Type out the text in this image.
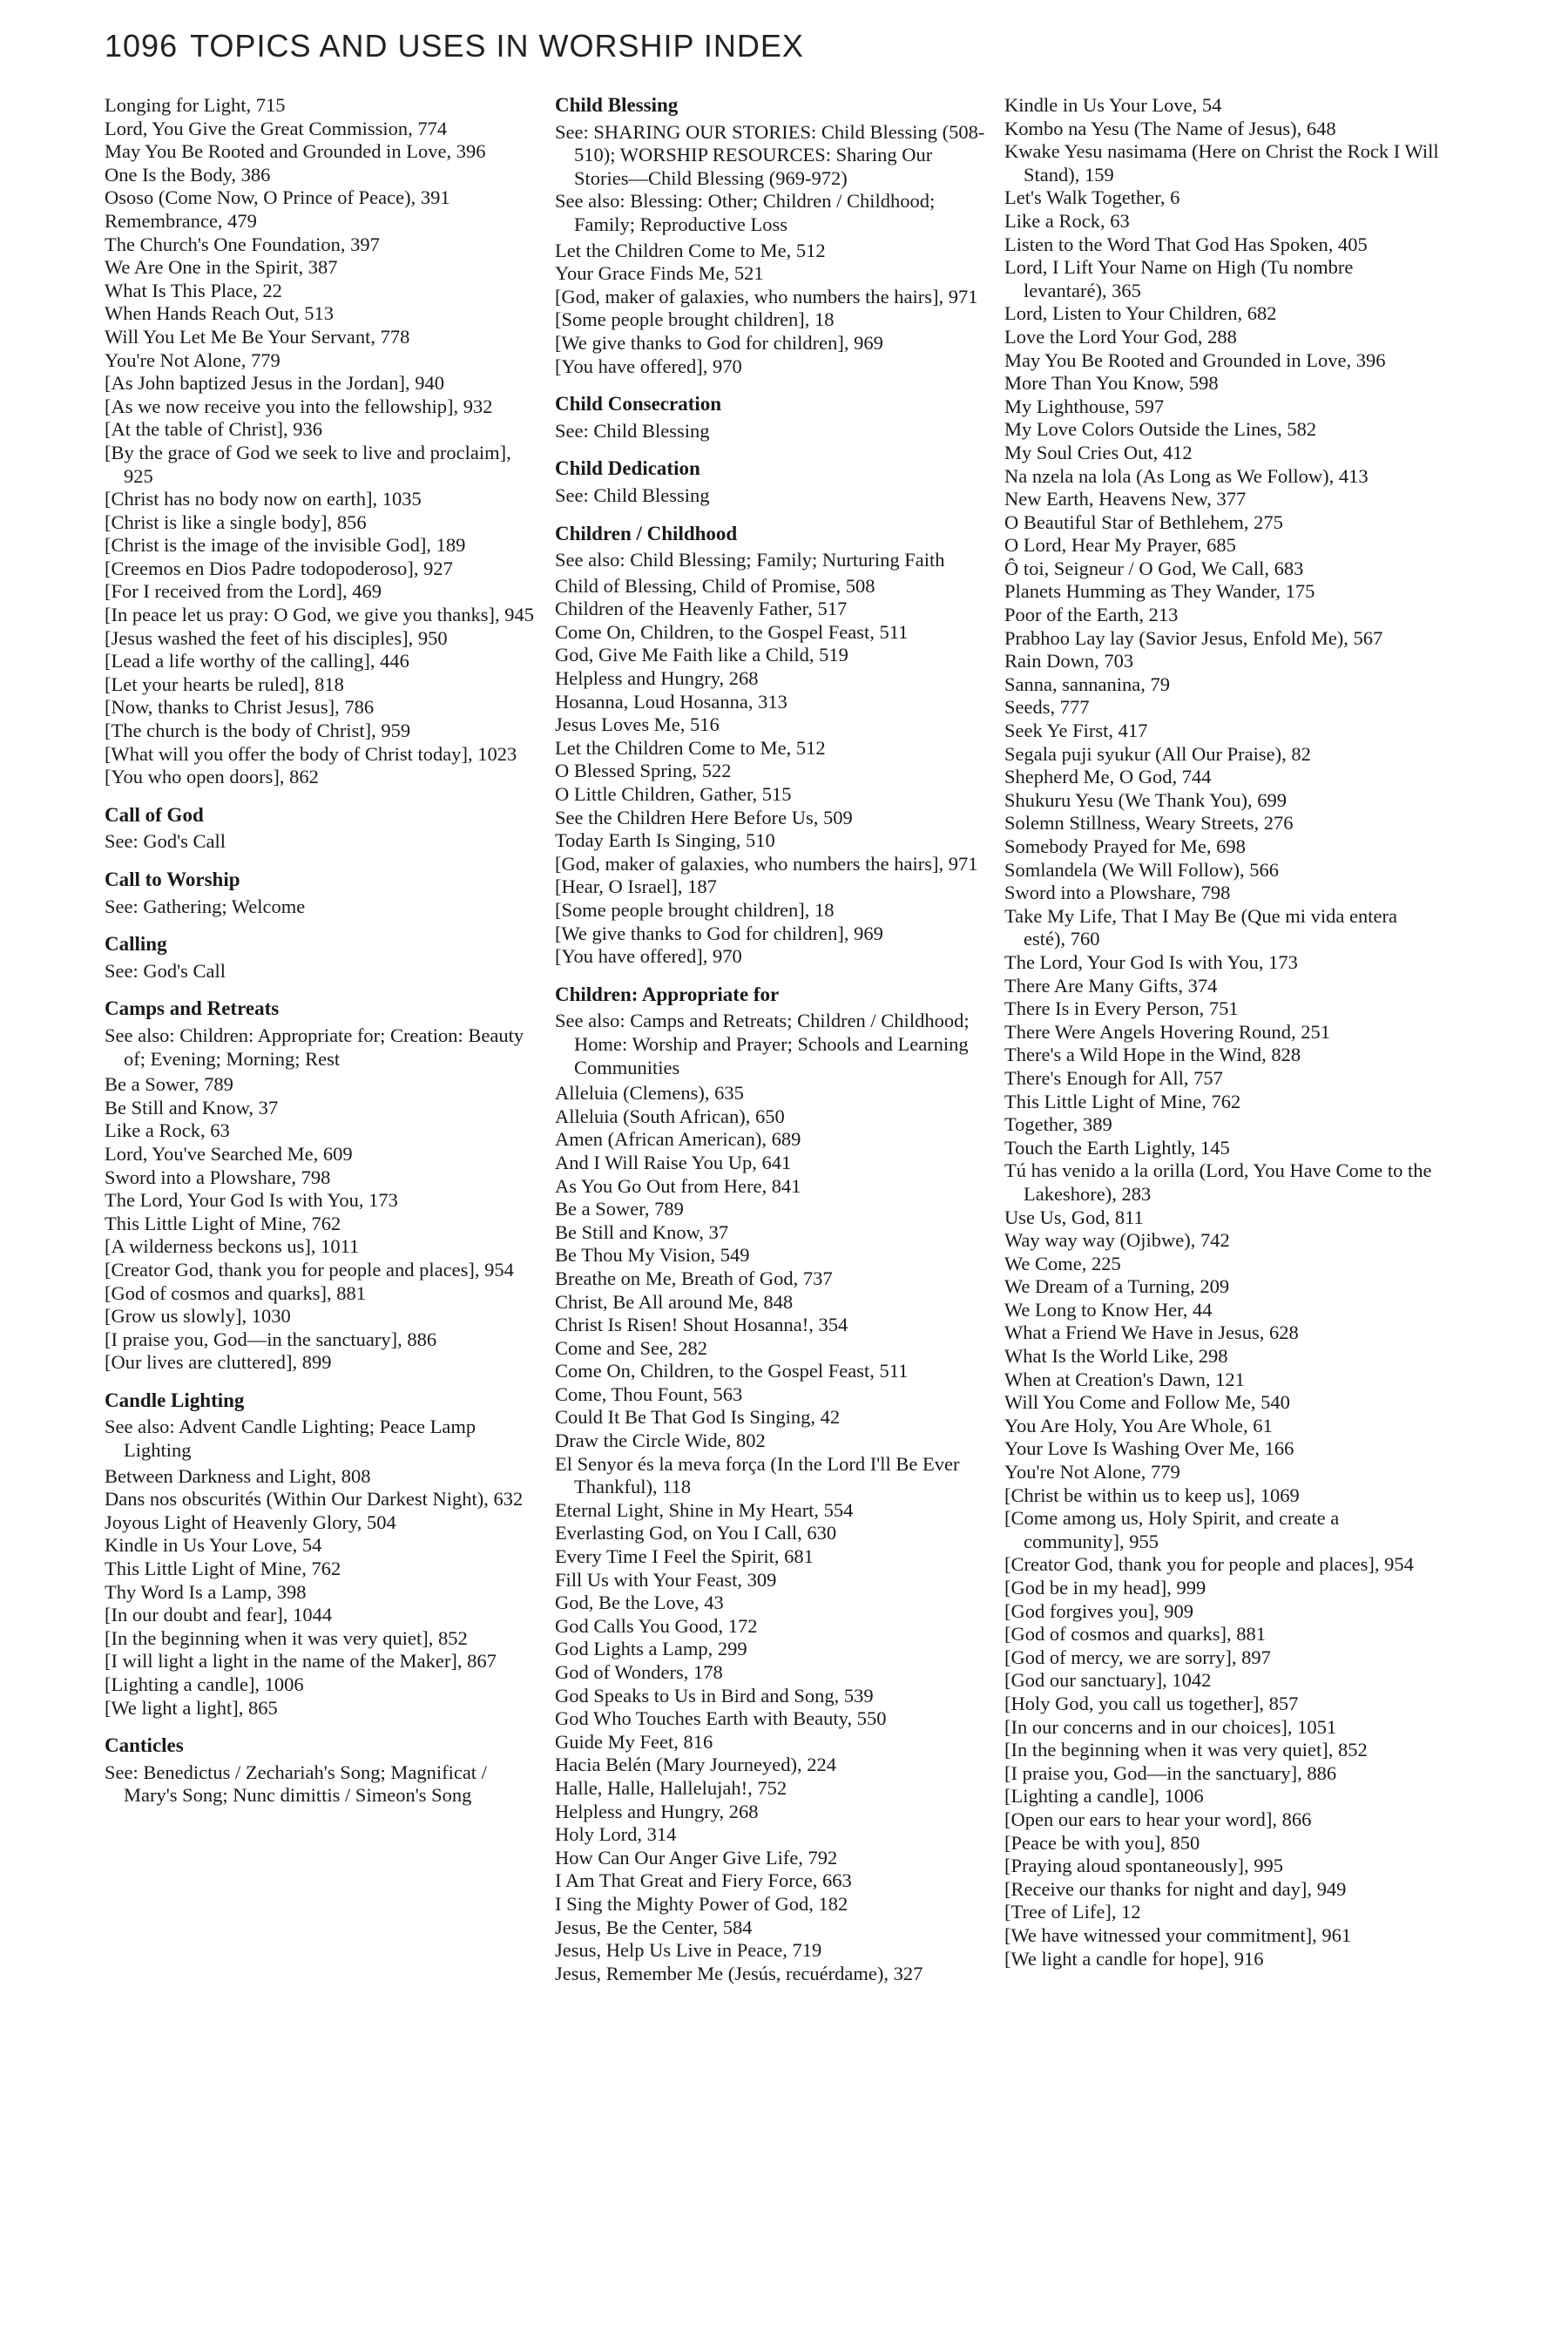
1096 TOPICS AND USES IN WORSHIP INDEX
Longing for Light, 715
Lord, You Give the Great Commission, 774
May You Be Rooted and Grounded in Love, 396
One Is the Body, 386
Ososo (Come Now, O Prince of Peace), 391
Remembrance, 479
The Church's One Foundation, 397
We Are One in the Spirit, 387
What Is This Place, 22
When Hands Reach Out, 513
Will You Let Me Be Your Servant, 778
You're Not Alone, 779
[As John baptized Jesus in the Jordan], 940
[As we now receive you into the fellowship], 932
[At the table of Christ], 936
[By the grace of God we seek to live and proclaim], 925
[Christ has no body now on earth], 1035
[Christ is like a single body], 856
[Christ is the image of the invisible God], 189
[Creemos en Dios Padre todopoderoso], 927
[For I received from the Lord], 469
[In peace let us pray: O God, we give you thanks], 945
[Jesus washed the feet of his disciples], 950
[Lead a life worthy of the calling], 446
[Let your hearts be ruled], 818
[Now, thanks to Christ Jesus], 786
[The church is the body of Christ], 959
[What will you offer the body of Christ today], 1023
[You who open doors], 862
Call of God
See: God's Call
Call to Worship
See: Gathering; Welcome
Calling
See: God's Call
Camps and Retreats
See also: Children: Appropriate for; Creation: Beauty of; Evening; Morning; Rest
Be a Sower, 789
Be Still and Know, 37
Like a Rock, 63
Lord, You've Searched Me, 609
Sword into a Plowshare, 798
The Lord, Your God Is with You, 173
This Little Light of Mine, 762
[A wilderness beckons us], 1011
[Creator God, thank you for people and places], 954
[God of cosmos and quarks], 881
[Grow us slowly], 1030
[I praise you, God—in the sanctuary], 886
[Our lives are cluttered], 899
Candle Lighting
See also: Advent Candle Lighting; Peace Lamp Lighting
Between Darkness and Light, 808
Dans nos obscurités (Within Our Darkest Night), 632
Joyous Light of Heavenly Glory, 504
Kindle in Us Your Love, 54
This Little Light of Mine, 762
Thy Word Is a Lamp, 398
[In our doubt and fear], 1044
[In the beginning when it was very quiet], 852
[I will light a light in the name of the Maker], 867
[Lighting a candle], 1006
[We light a light], 865
Canticles
See: Benedictus / Zechariah's Song; Magnificat / Mary's Song; Nunc dimittis / Simeon's Song
Child Blessing
See: SHARING OUR STORIES: Child Blessing (508-510); WORSHIP RESOURCES: Sharing Our Stories—Child Blessing (969-972)
See also: Blessing: Other; Children / Childhood; Family; Reproductive Loss
Let the Children Come to Me, 512
Your Grace Finds Me, 521
[God, maker of galaxies, who numbers the hairs], 971
[Some people brought children], 18
[We give thanks to God for children], 969
[You have offered], 970
Child Consecration
See: Child Blessing
Child Dedication
See: Child Blessing
Children / Childhood
See also: Child Blessing; Family; Nurturing Faith
Child of Blessing, Child of Promise, 508
Children of the Heavenly Father, 517
Come On, Children, to the Gospel Feast, 511
God, Give Me Faith like a Child, 519
Helpless and Hungry, 268
Hosanna, Loud Hosanna, 313
Jesus Loves Me, 516
Let the Children Come to Me, 512
O Blessed Spring, 522
O Little Children, Gather, 515
See the Children Here Before Us, 509
Today Earth Is Singing, 510
[God, maker of galaxies, who numbers the hairs], 971
[Hear, O Israel], 187
[Some people brought children], 18
[We give thanks to God for children], 969
[You have offered], 970
Children: Appropriate for
See also: Camps and Retreats; Children / Childhood; Home: Worship and Prayer; Schools and Learning Communities
Alleluia (Clemens), 635
Alleluia (South African), 650
Amen (African American), 689
And I Will Raise You Up, 641
As You Go Out from Here, 841
Be a Sower, 789
Be Still and Know, 37
Be Thou My Vision, 549
Breathe on Me, Breath of God, 737
Christ, Be All around Me, 848
Christ Is Risen! Shout Hosanna!, 354
Come and See, 282
Come On, Children, to the Gospel Feast, 511
Come, Thou Fount, 563
Could It Be That God Is Singing, 42
Draw the Circle Wide, 802
El Senyor és la meva força (In the Lord I'll Be Ever Thankful), 118
Eternal Light, Shine in My Heart, 554
Everlasting God, on You I Call, 630
Every Time I Feel the Spirit, 681
Fill Us with Your Feast, 309
God, Be the Love, 43
God Calls You Good, 172
God Lights a Lamp, 299
God of Wonders, 178
God Speaks to Us in Bird and Song, 539
God Who Touches Earth with Beauty, 550
Guide My Feet, 816
Hacia Belén (Mary Journeyed), 224
Halle, Halle, Hallelujah!, 752
Helpless and Hungry, 268
Holy Lord, 314
How Can Our Anger Give Life, 792
I Am That Great and Fiery Force, 663
I Sing the Mighty Power of God, 182
Jesus, Be the Center, 584
Jesus, Help Us Live in Peace, 719
Jesus, Remember Me (Jesús, recuérdame), 327
Kindle in Us Your Love, 54
Kombo na Yesu (The Name of Jesus), 648
Kwake Yesu nasimama (Here on Christ the Rock I Will Stand), 159
Let's Walk Together, 6
Like a Rock, 63
Listen to the Word That God Has Spoken, 405
Lord, I Lift Your Name on High (Tu nombre levantaré), 365
Lord, Listen to Your Children, 682
Love the Lord Your God, 288
May You Be Rooted and Grounded in Love, 396
More Than You Know, 598
My Lighthouse, 597
My Love Colors Outside the Lines, 582
My Soul Cries Out, 412
Na nzela na lola (As Long as We Follow), 413
New Earth, Heavens New, 377
O Beautiful Star of Bethlehem, 275
O Lord, Hear My Prayer, 685
Ô toi, Seigneur / O God, We Call, 683
Planets Humming as They Wander, 175
Poor of the Earth, 213
Prabhoo Lay lay (Savior Jesus, Enfold Me), 567
Rain Down, 703
Sanna, sannanina, 79
Seeds, 777
Seek Ye First, 417
Segala puji syukur (All Our Praise), 82
Shepherd Me, O God, 744
Shukuru Yesu (We Thank You), 699
Solemn Stillness, Weary Streets, 276
Somebody Prayed for Me, 698
Somlandela (We Will Follow), 566
Sword into a Plowshare, 798
Take My Life, That I May Be (Que mi vida entera esté), 760
The Lord, Your God Is with You, 173
There Are Many Gifts, 374
There Is in Every Person, 751
There Were Angels Hovering Round, 251
There's a Wild Hope in the Wind, 828
There's Enough for All, 757
This Little Light of Mine, 762
Together, 389
Touch the Earth Lightly, 145
Tú has venido a la orilla (Lord, You Have Come to the Lakeshore), 283
Use Us, God, 811
Way way way (Ojibwe), 742
We Come, 225
We Dream of a Turning, 209
We Long to Know Her, 44
What a Friend We Have in Jesus, 628
What Is the World Like, 298
When at Creation's Dawn, 121
Will You Come and Follow Me, 540
You Are Holy, You Are Whole, 61
Your Love Is Washing Over Me, 166
You're Not Alone, 779
[Christ be within us to keep us], 1069
[Come among us, Holy Spirit, and create a community], 955
[Creator God, thank you for people and places], 954
[God be in my head], 999
[God forgives you], 909
[God of cosmos and quarks], 881
[God of mercy, we are sorry], 897
[God our sanctuary], 1042
[Holy God, you call us together], 857
[In our concerns and in our choices], 1051
[In the beginning when it was very quiet], 852
[I praise you, God—in the sanctuary], 886
[Lighting a candle], 1006
[Open our ears to hear your word], 866
[Peace be with you], 850
[Praying aloud spontaneously], 995
[Receive our thanks for night and day], 949
[Tree of Life], 12
[We have witnessed your commitment], 961
[We light a candle for hope], 916
